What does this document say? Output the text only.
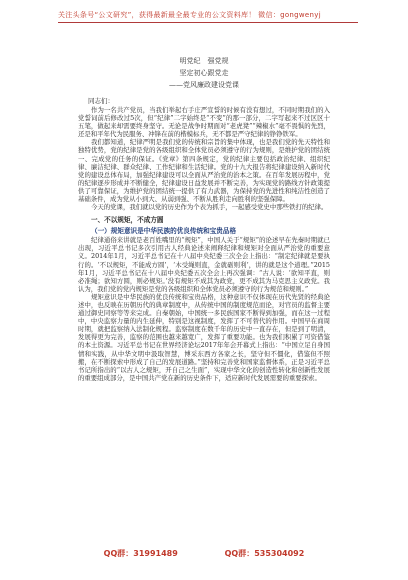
关注头条号“公文研究”，获得最新最全最专业的公文资料库！ 微信：gongwenyj
明党纪　强党规
坚定初心跟党走
——党风廉政建设党课
同志们：

作为一名共产党员，当我们举起右手庄严宣誓的时候有没有想过，不同时期我们的入党誓词前后修改过5次，但“纪律”二字始终是“不变”的那一部分，二字写起来不过区区十五笔，做起来却需要终身坚守。无论是战争时期面对“老虎凳”“辣椒水”毫不畏惧的先烈，还是和平年代为民服务、冲锋在前的楷模标兵，无不都是严守纪律的铮铮铁军。

我们都知道，纪律严明是我们党的传统和宗旨的集中体现，也是我们党的先天特性和独特优势，党的纪律是党的各级组织和全体党员必须遵守的行为规则，是维护党的团结统一、完成党的任务的保证。《党章》第四条规定，党的纪律主要包括政治纪律、组织纪律、廉洁纪律、群众纪律、工作纪律和生活纪律。党的十九大报告将纪律建设纳入新时代党的建设总体布局，加强纪律建设可以全面从严治党的治本之策。在百年发展历程中，党的纪律逐步形成并不断健全，纪律建设日益发展并不断完善，为实现党的路线方针政策提供了可靠保证，为维护党的团结统一提供了有力武器，为保持党的先进性和纯洁性创造了基础条件，成为党从小到大、从弱到强、不断从胜利走向胜利的坚强保障。

今天的党课，我们就以党的历史作为个表为抓手，一起感受党史中那些铁打的纪律。

一、不以规矩，不成方圆
（一）规矩意识是中华民族的优良传统和宝贵品格

纪律通俗来讲就是老百姓嘴里的“规矩”，中国人关于“规矩”的论述早在先秦时期就已出现，习近平总书记多次引用古人经典论述来阐释纪律和规矩对全面从严治党的重要意义。2014年1月，习近平总书记在十八届中央纪委三次全会上指出：“制定纪律就是要执行的。‘不以规矩，不能成方圆’，‘木受绳则直，金就砺则利’，讲的就是这个道理。”2015年1月，习近平总书记在十八届中央纪委五次全会上再次强调：“古人说：‘欲知平直，则必准绳；欲知方圆，则必规矩。’没有规矩不成其为政党，更不成其为马克思主义政党。我认为，我们党的党内规矩是党的各级组织和全体党员必须遵守的行为规范和规则。”

规矩意识是中华民族的优良传统和宝贵品格，这种意识不仅体现在历代先贤的经典论述中，也反映在历朝历代的典章制度中，从传统中国的制度规范而论，对官员的监督主要通过御史同察等等来完成。自秦朝始，中国统一多民族国家不断得到加强，而在这一过程中，中央监察力量的内生延伸，特别是这视制度，发挥了不可替代的作用。中国早在商周时期，就把监察纳入法制化规程。监察制度在数千年的历史中一直存在，但是到了明清，发展得更为完善，监察的范围也越来越宽广，发挥了重要功能。也为我们积累了可资借鉴的本土资源。习近平总书记在世界经济论坛2017年年会开幕式上指出：“中国立足自身国情和实践，从中华文明中汲取智慧，博采东西方各家之长，坚守但不僵化，借鉴但不照搬，在不断探索中形成了自己的发展道路。”坚持和完善党和国家监督体系，正是习近平总书记所指出的“以古人之规矩，开自己之生面”，实现中华文化的创造性转化和创新性发展的重要组成部分，是中国共产党在新的历史条件下，适应新时代发展需要的重要探索。

QQ群：31991489	QQ群：535304092
